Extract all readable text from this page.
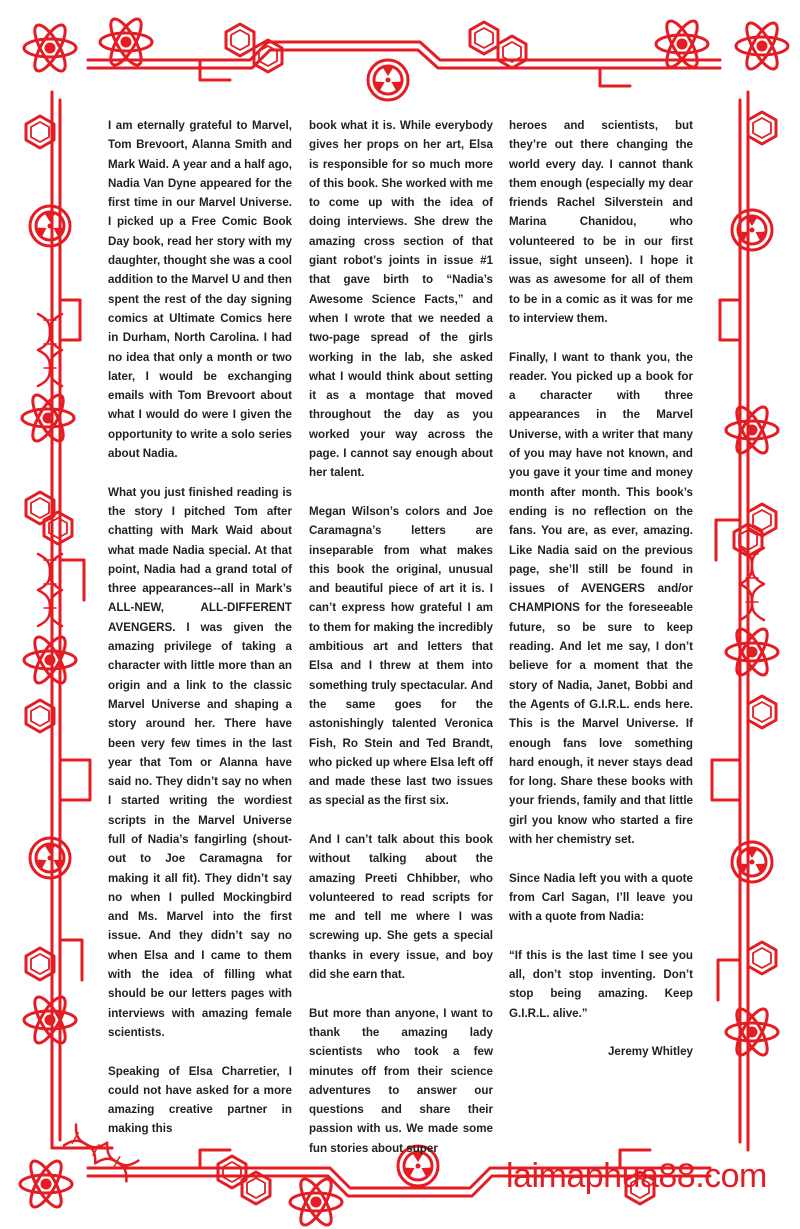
I am eternally grateful to Marvel, Tom Brevoort, Alanna Smith and Mark Waid. A year and a half ago, Nadia Van Dyne appeared for the first time in our Marvel Universe. I picked up a Free Comic Book Day book, read her story with my daughter, thought she was a cool addition to the Marvel U and then spent the rest of the day signing comics at Ultimate Comics here in Durham, North Carolina. I had no idea that only a month or two later, I would be exchanging emails with Tom Brevoort about what I would do were I given the opportunity to write a solo series about Nadia.

What you just finished reading is the story I pitched Tom after chatting with Mark Waid about what made Nadia special. At that point, Nadia had a grand total of three appearances--all in Mark’s ALL-NEW, ALL-DIFFERENT AVENGERS. I was given the amazing privilege of taking a character with little more than an origin and a link to the classic Marvel Universe and shaping a story around her. There have been very few times in the last year that Tom or Alanna have said no. They didn’t say no when I started writing the wordiest scripts in the Marvel Universe full of Nadia’s fangirling (shout-out to Joe Caramagna for making it all fit). They didn’t say no when I pulled Mockingbird and Ms. Marvel into the first issue. And they didn’t say no when Elsa and I came to them with the idea of filling what should be our letters pages with interviews with amazing female scientists.

Speaking of Elsa Charretier, I could not have asked for a more amazing creative partner in making this

book what it is. While everybody gives her props on her art, Elsa is responsible for so much more of this book. She worked with me to come up with the idea of doing interviews. She drew the amazing cross section of that giant robot’s joints in issue #1 that gave birth to “Nadia’s Awesome Science Facts,” and when I wrote that we needed a two-page spread of the girls working in the lab, she asked what I would think about setting it as a montage that moved throughout the day as you worked your way across the page. I cannot say enough about her talent.

Megan Wilson’s colors and Joe Caramagna’s letters are inseparable from what makes this book the original, unusual and beautiful piece of art it is. I can’t express how grateful I am to them for making the incredibly ambitious art and letters that Elsa and I threw at them into something truly spectacular. And the same goes for the astonishingly talented Veronica Fish, Ro Stein and Ted Brandt, who picked up where Elsa left off and made these last two issues as special as the first six.

And I can’t talk about this book without talking about the amazing Preeti Chhibber, who volunteered to read scripts for me and tell me where I was screwing up. She gets a special thanks in every issue, and boy did she earn that.

But more than anyone, I want to thank the amazing lady scientists who took a few minutes off from their science adventures to answer our questions and share their passion with us. We made some fun stories about super

heroes and scientists, but they’re out there changing the world every day. I cannot thank them enough (especially my dear friends Rachel Silverstein and Marina Chanidou, who volunteered to be in our first issue, sight unseen). I hope it was as awesome for all of them to be in a comic as it was for me to interview them.

Finally, I want to thank you, the reader. You picked up a book for a character with three appearances in the Marvel Universe, with a writer that many of you may have not known, and you gave it your time and money month after month. This book’s ending is no reflection on the fans. You are, as ever, amazing. Like Nadia said on the previous page, she’ll still be found in issues of AVENGERS and/or CHAMPIONS for the foreseeable future, so be sure to keep reading. And let me say, I don’t believe for a moment that the story of Nadia, Janet, Bobbi and the Agents of G.I.R.L. ends here. This is the Marvel Universe. If enough fans love something hard enough, it never stays dead for long. Share these books with your friends, family and that little girl you know who started a fire with her chemistry set.

Since Nadia left you with a quote from Carl Sagan, I’ll leave you with a quote from Nadia:

“If this is the last time I see you all, don’t stop inventing. Don’t stop being amazing. Keep G.I.R.L. alive.”

Jeremy Whitley

laimaphua88.com
